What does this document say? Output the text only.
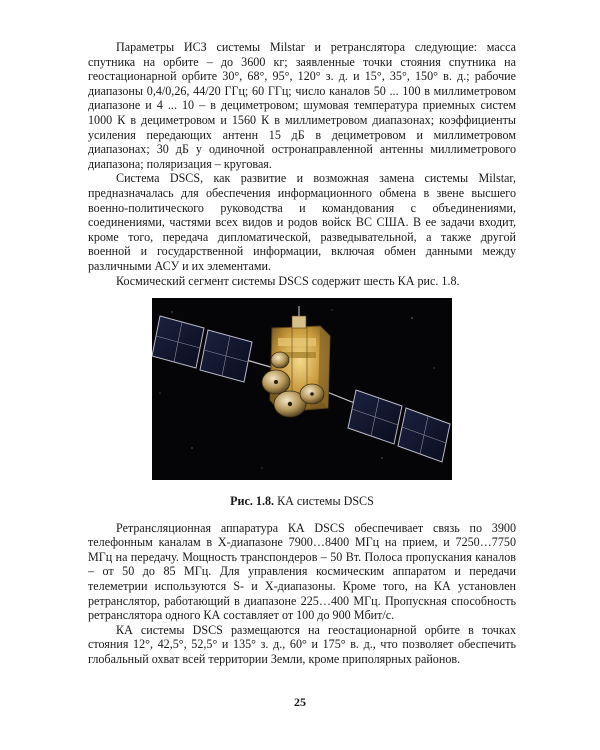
Параметры ИСЗ системы Milstar и ретранслятора следующие: масса спутника на орбите – до 3600 кг; заявленные точки стояния спутника на геостационарной орбите 30°, 68°, 95°, 120° з. д. и 15°, 35°, 150° в. д.; рабочие диапазоны 0,4/0,26, 44/20 ГГц; 60 ГГц; число каналов 50 ... 100 в миллиметровом диапазоне и 4 ... 10 – в дециметровом; шумовая температура приемных систем 1000 К в дециметровом и 1560 К в миллиметровом диапазонах; коэффициенты усиления передающих антенн 15 дБ в дециметровом и миллиметровом диапазонах; 30 дБ у одиночной остронаправленной антенны миллиметрового диапазона; поляризация – круговая.

Система DSCS, как развитие и возможная замена системы Milstar, предназначалась для обеспечения информационного обмена в звене высшего военно-политического руководства и командования с объединениями, соединениями, частями всех видов и родов войск ВС США. В ее задачи входит, кроме того, передача дипломатической, разведывательной, а также другой военной и государственной информации, включая обмен данными между различными АСУ и их элементами.

Космический сегмент системы DSCS содержит шесть КА рис. 1.8.

Рис. 1.8. КА системы DSCS

Ретрансляционная аппаратура КА DSCS обеспечивает связь по 3900 телефонным каналам в X-диапазоне 7900…8400 МГц на прием, и 7250…7750 МГц на передачу. Мощность транспондеров – 50 Вт. Полоса пропускания каналов – от 50 до 85 МГц. Для управления космическим аппаратом и передачи телеметрии используются S- и X-диапазоны. Кроме того, на КА установлен ретранслятор, работающий в диапазоне 225…400 МГц. Пропускная способность ретранслятора одного КА составляет от 100 до 900 Мбит/с.

КА системы DSCS размещаются на геостационарной орбите в точках стояния 12°, 42,5°, 52,5° и 135° з. д., 60° и 175° в. д., что позволяет обеспечить глобальный охват всей территории Земли, кроме приполярных районов.

25
